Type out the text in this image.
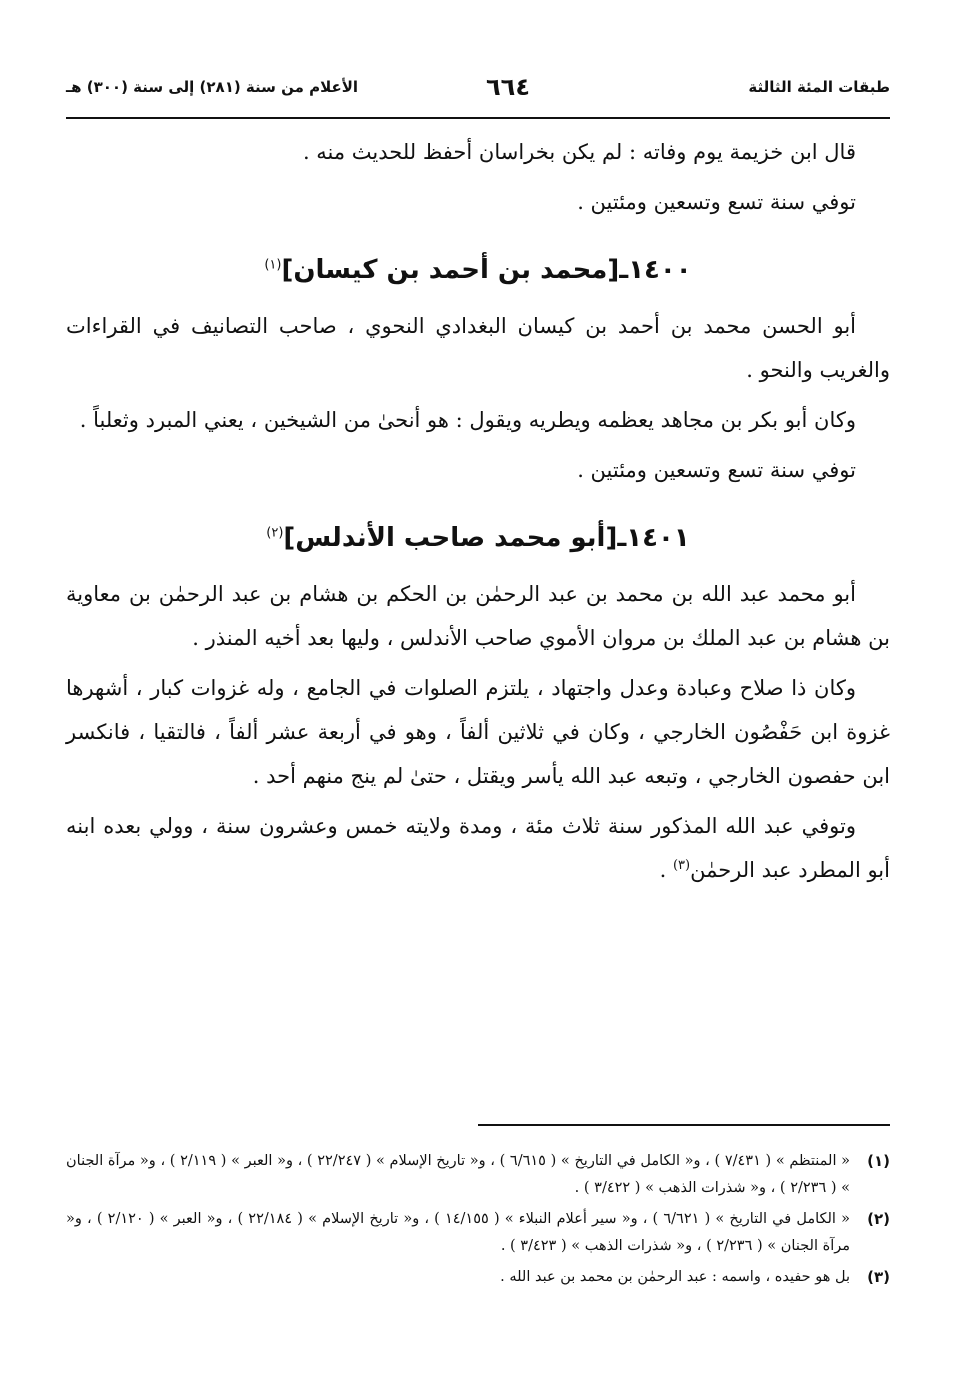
طبقات المئة الثالثة
٦٦٤
الأعلام من سنة (٢٨١) إلى سنة (٣٠٠) هـ

قال ابن خزيمة يوم وفاته : لم يكن بخراسان أحفظ للحديث منه .

توفي سنة تسع وتسعين ومئتين .

١٤٠٠ـ[محمد بن أحمد بن كيسان]$^{(١)}$

أبو الحسن محمد بن أحمد بن كيسان البغدادي النحوي ، صاحب التصانيف في القراءات والغريب والنحو .

وكان أبو بكر بن مجاهد يعظمه ويطريه ويقول : هو أنحىٰ من الشيخين ، يعني المبرد وثعلباً .

توفي سنة تسع وتسعين ومئتين .

١٤٠١ـ[أبو محمد صاحب الأندلس]$^{(٢)}$

أبو محمد عبد الله بن محمد بن عبد الرحمٰن بن الحكم بن هشام بن عبد الرحمٰن بن معاوية بن هشام بن عبد الملك بن مروان الأموي صاحب الأندلس ، وليها بعد أخيه المنذر .

وكان ذا صلاح وعبادة وعدل واجتهاد ، يلتزم الصلوات في الجامع ، وله غزوات كبار ، أشهرها غزوة ابن حَفْصُون الخارجي ، وكان في ثلاثين ألفاً ، وهو في أربعة عشر ألفاً ، فالتقيا ، فانكسر ابن حفصون الخارجي ، وتبعه عبد الله يأسر ويقتل ، حتىٰ لم ينج منهم أحد .

وتوفي عبد الله المذكور سنة ثلاث مئة ، ومدة ولايته خمس وعشرون سنة ، وولي بعده ابنه أبو المطرد عبد الرحمٰن$^{(٣)}$ .

(١)
« المنتظم » ( ٧/٤٣١ ) ، و« الكامل في التاريخ » ( ٦/٦١٥ ) ، و« تاريخ الإسلام » ( ٢٢/٢٤٧ ) ، و« العبر » ( ٢/١١٩ ) ، و« مرآة الجنان » ( ٢/٢٣٦ ) ، و« شذرات الذهب » ( ٣/٤٢٢ ) .
(٢)
« الكامل في التاريخ » ( ٦/٦٢١ ) ، و« سير أعلام النبلاء » ( ١٤/١٥٥ ) ، و« تاريخ الإسلام » ( ٢٢/١٨٤ ) ، و« العبر » ( ٢/١٢٠ ) ، و« مرآة الجنان » ( ٢/٢٣٦ ) ، و« شذرات الذهب » ( ٣/٤٢٣ ) .
(٣)
بل هو حفيده ، واسمه : عبد الرحمٰن بن محمد بن عبد الله .
